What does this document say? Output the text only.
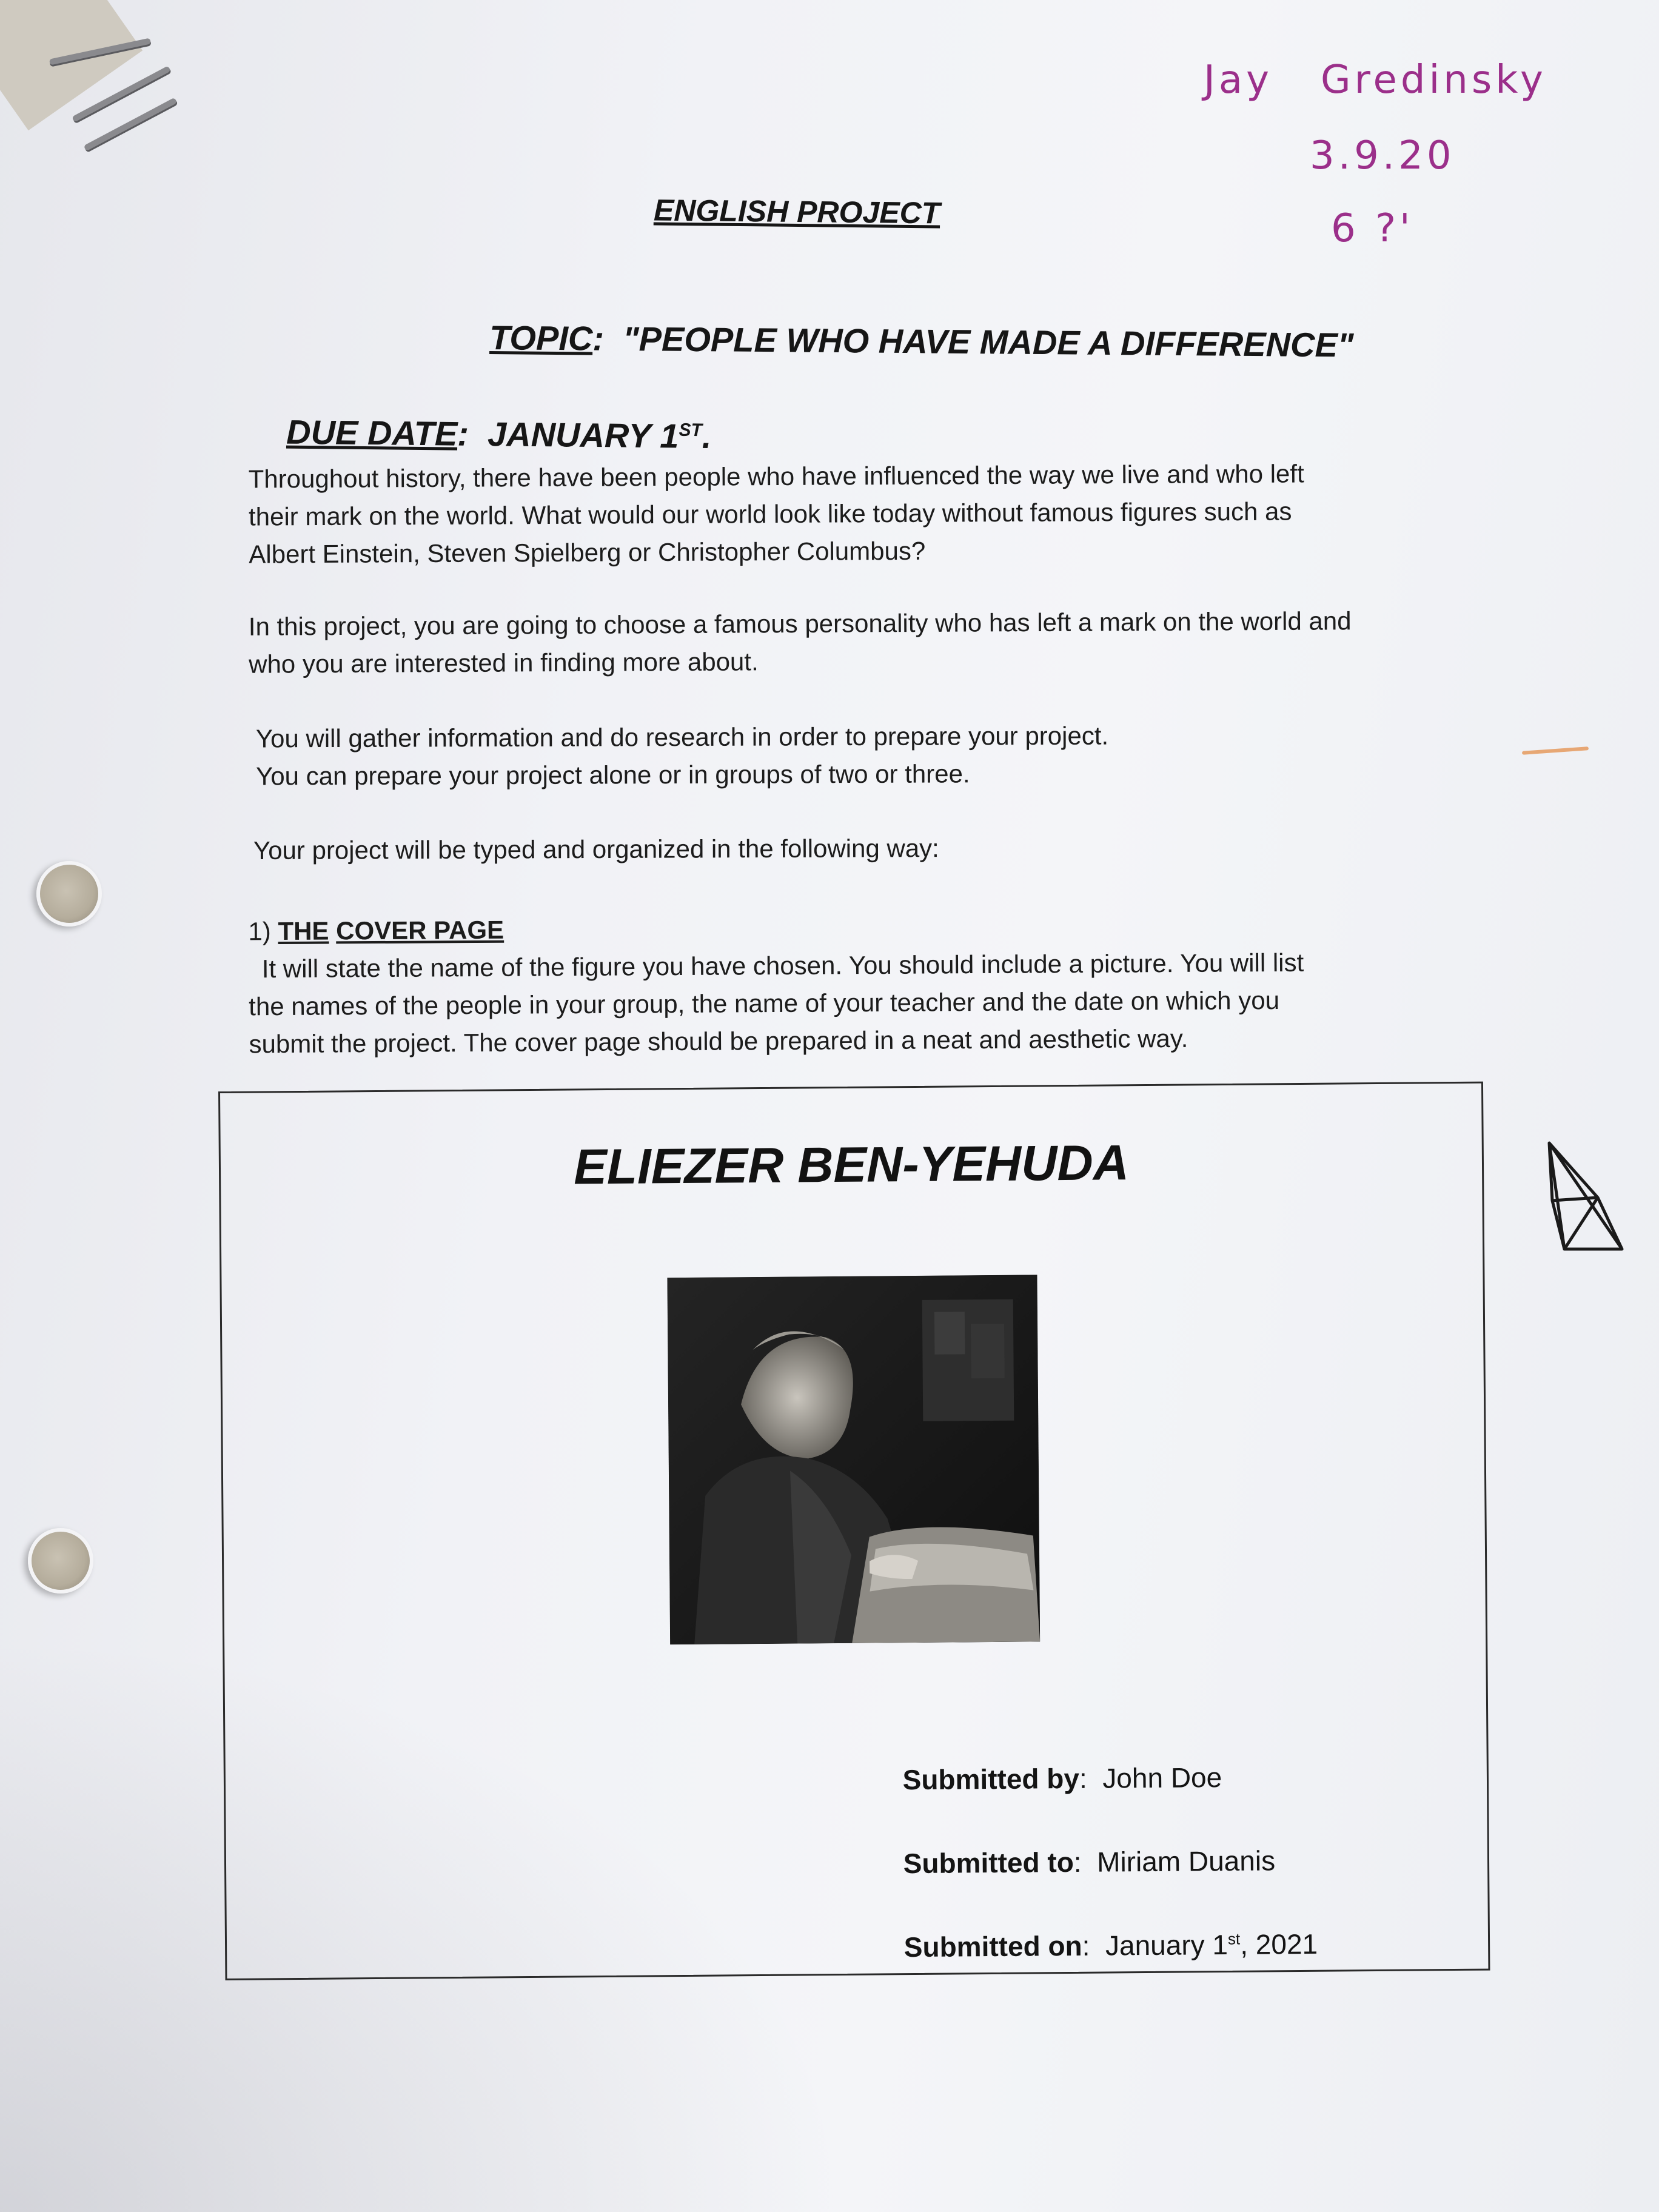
Jay   Gredinsky
3.9.20
6 ?'
ENGLISH PROJECT

TOPIC:  "PEOPLE WHO HAVE MADE A DIFFERENCE"

DUE DATE:  JANUARY 1ST.

Throughout history, there have been people who have influenced the way we live and who left
their mark on the world. What would our world look like today without famous figures such as
Albert Einstein, Steven Spielberg or Christopher Columbus?
In this project, you are going to choose a famous personality who has left a mark on the world and
who you are interested in finding more about.
You will gather information and do research in order to prepare your project.
You can prepare your project alone or in groups of two or three.
Your project will be typed and organized in the following way:
1) THE COVER PAGE
It will state the name of the figure you have chosen. You should include a picture. You will list
the names of the people in your group, the name of your teacher and the date on which you
submit the project. The cover page should be prepared in a neat and aesthetic way.
ELIEZER BEN-YEHUDA

Submitted by:  John Doe

Submitted to:  Miriam Duanis

Submitted on:  January 1st, 2021
